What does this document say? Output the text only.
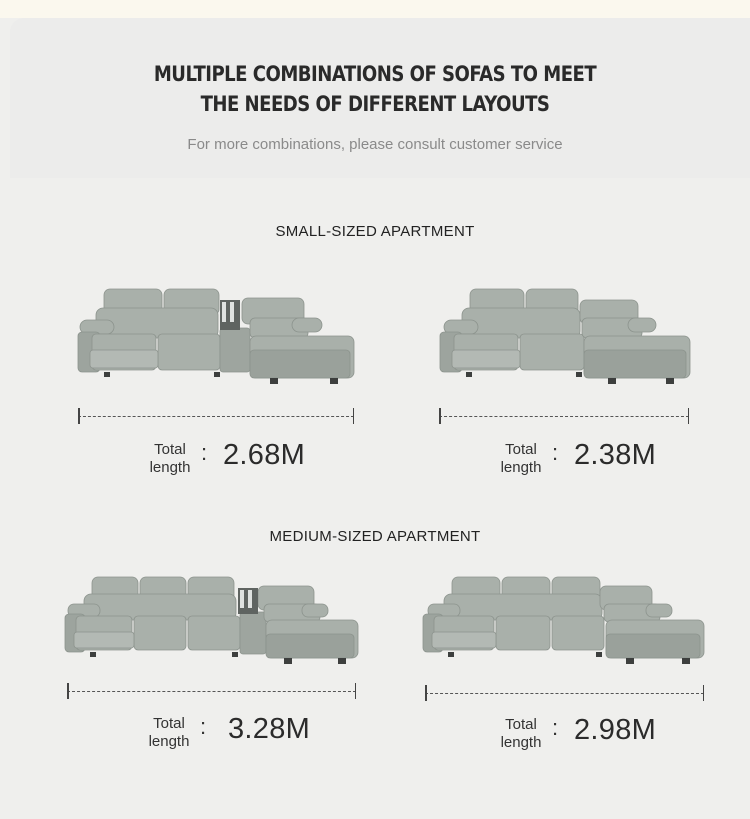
MULTIPLE COMBINATIONS OF SOFAS TO MEET
THE NEEDS OF DIFFERENT LAYOUTS
For more combinations, please consult customer service
SMALL-SIZED APARTMENT
MEDIUM-SIZED APARTMENT
Total
length
: 2.68M	Total
length
: 2.38M
Total
length
: 3.28M	Total
length
: 2.98M
